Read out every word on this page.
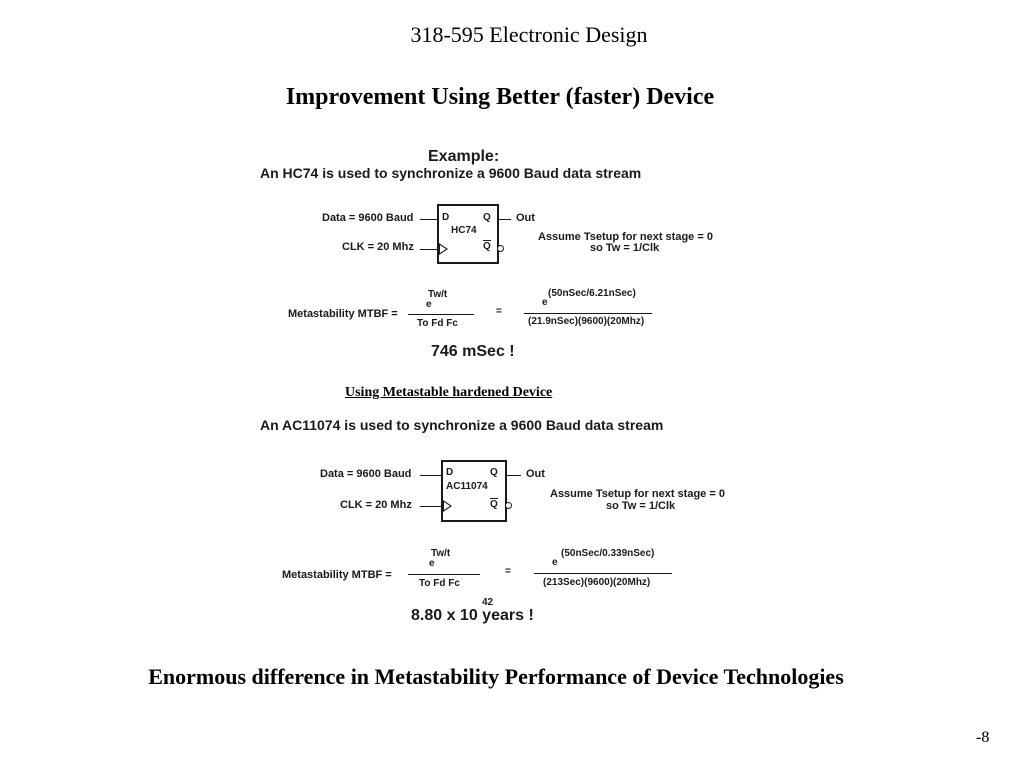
318-595 Electronic Design
Improvement Using Better (faster) Device
Example:
An HC74 is used to synchronize a 9600 Baud data stream
Data = 9600 Baud
CLK = 20 Mhz
D	Q
HC74
Q
Out
Assume Tsetup for next stage = 0
so Tw = 1/Clk
Metastability MTBF =
Tw/t
e
To Fd Fc
=
e
(50nSec/6.21nSec)
(21.9nSec)(9600)(20Mhz)
746 mSec !
Using Metastable hardened Device
An AC11074 is used to synchronize a 9600 Baud data stream
Data = 9600 Baud
CLK = 20 Mhz
D	Q
AC11074
Q
Out
Assume Tsetup for next stage = 0
so Tw = 1/Clk
Metastability MTBF =
Tw/t
e
To Fd Fc
=
e
(50nSec/0.339nSec)
(213Sec)(9600)(20Mhz)
8.80 x 10 years !
42
Enormous difference in Metastability Performance of Device Technologies
-8
